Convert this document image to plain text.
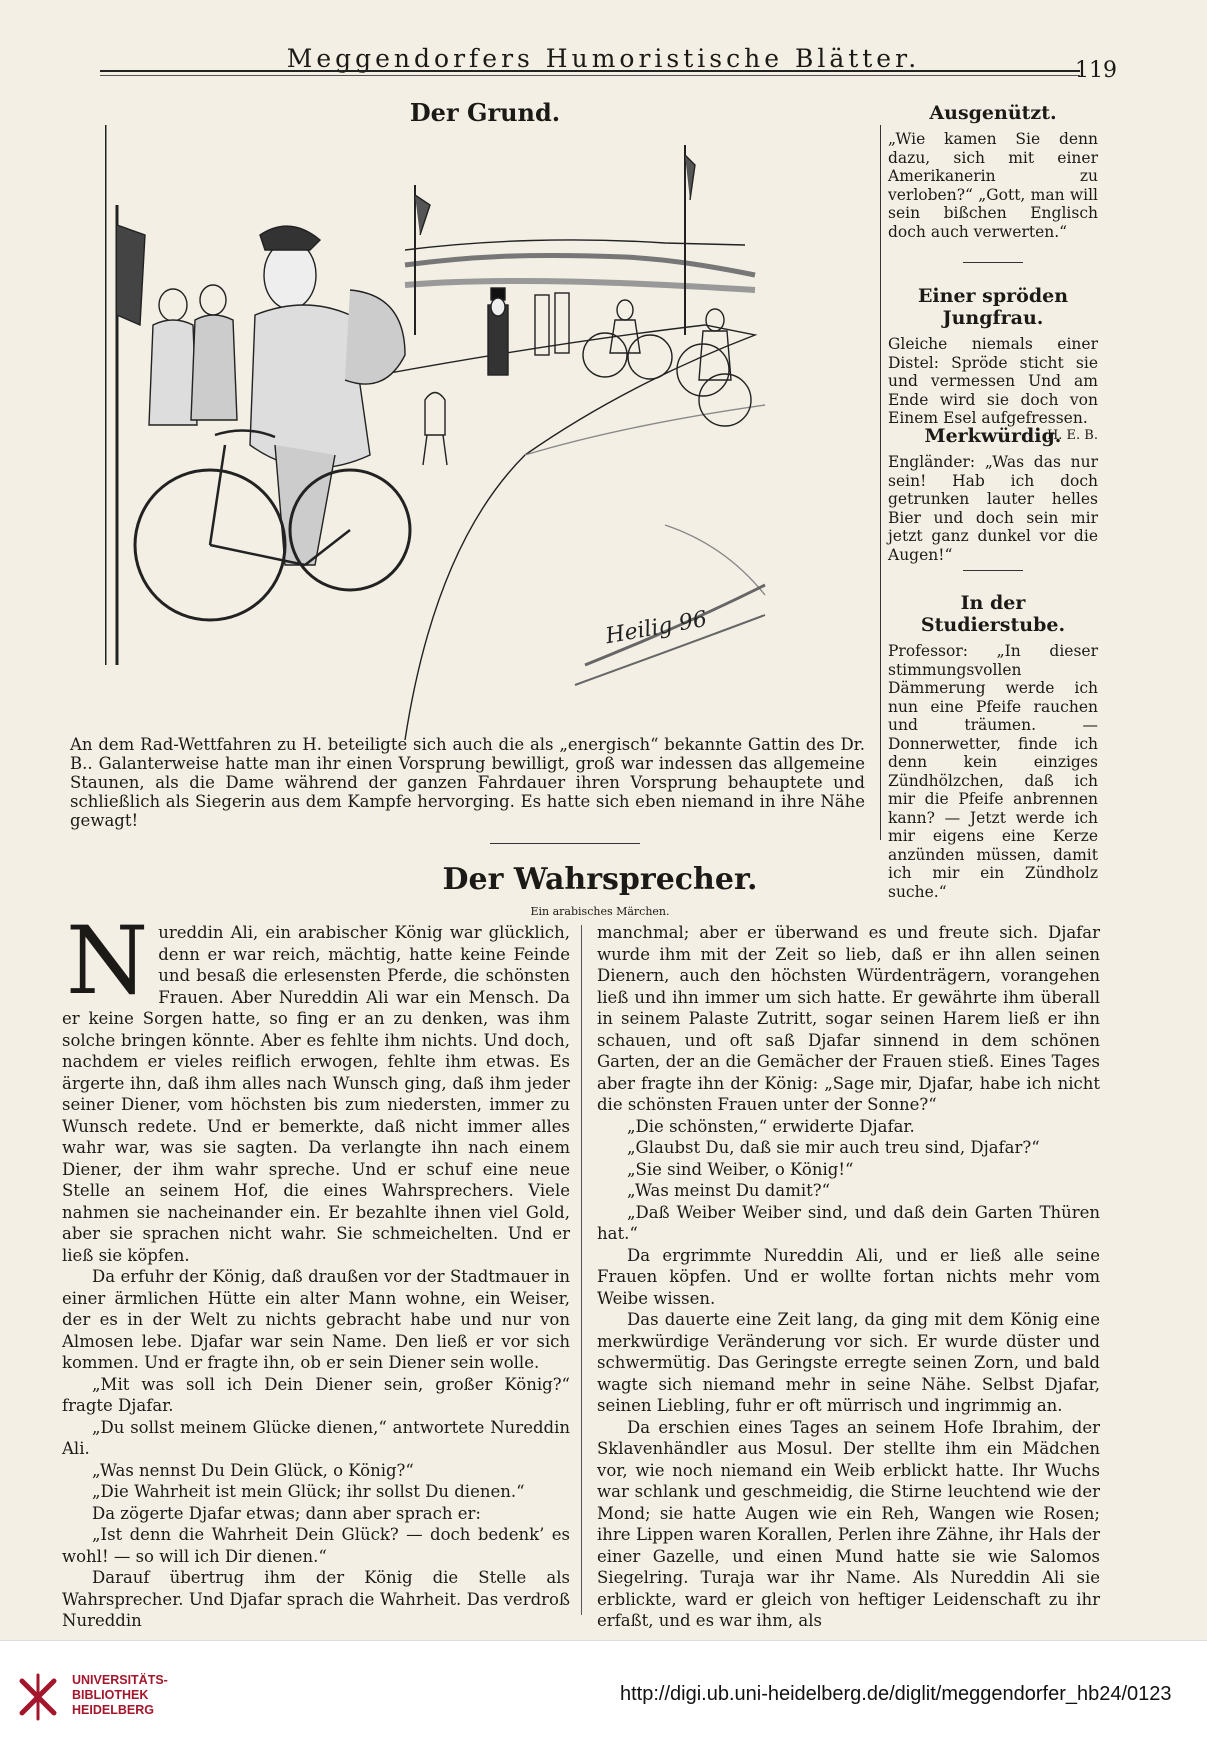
Meggendorfers Humoristische Blätter.	119
Der Grund.
Heilig 96
An dem Rad-Wettfahren zu H. beteiligte sich auch die als „energisch“ bekannte Gattin des Dr. B.. Galanterweise hatte man ihr einen Vorsprung bewilligt, groß war indessen das allgemeine Staunen, als die Dame während der ganzen Fahrdauer ihren Vorsprung behauptete und schließlich als Siegerin aus dem Kampfe hervorging. Es hatte sich eben niemand in ihre Nähe gewagt!
Ausgenützt.

„Wie kamen Sie denn dazu, sich mit einer Amerikanerin zu verloben?“ „Gott, man will sein bißchen Englisch doch auch verwerten.“

Einer spröden Jungfrau.

Gleiche niemals einer Distel: Spröde sticht sie und vermessen Und am Ende wird sie doch von Einem Esel aufgefressen.

H. E. B.
Merkwürdig.

Engländer: „Was das nur sein! Hab ich doch getrunken lauter helles Bier und doch sein mir jetzt ganz dunkel vor die Augen!“

In der Studierstube.

Professor: „In dieser stimmungsvollen Dämmerung werde ich nun eine Pfeife rauchen und träumen. — Donnerwetter, finde ich denn kein einziges Zündhölzchen, daß ich mir die Pfeife anbrennen kann? — Jetzt werde ich mir eigens eine Kerze anzünden müssen, damit ich mir ein Zündholz suche.“

Der Wahrsprecher.
Ein arabisches Märchen.
N ureddin Ali, ein arabischer König war glücklich, denn er war reich, mächtig, hatte keine Feinde und besaß die erlesensten Pferde, die schönsten Frauen. Aber Nureddin Ali war ein Mensch. Da er keine Sorgen hatte, so fing er an zu denken, was ihm solche bringen könnte. Aber es fehlte ihm nichts. Und doch, nachdem er vieles reiflich erwogen, fehlte ihm etwas. Es ärgerte ihn, daß ihm alles nach Wunsch ging, daß ihm jeder seiner Diener, vom höchsten bis zum niedersten, immer zu Wunsch redete. Und er bemerkte, daß nicht immer alles wahr war, was sie sagten. Da verlangte ihn nach einem Diener, der ihm wahr spreche. Und er schuf eine neue Stelle an seinem Hof, die eines Wahrsprechers. Viele nahmen sie nacheinander ein. Er bezahlte ihnen viel Gold, aber sie sprachen nicht wahr. Sie schmeichelten. Und er ließ sie köpfen.

Da erfuhr der König, daß draußen vor der Stadtmauer in einer ärmlichen Hütte ein alter Mann wohne, ein Weiser, der es in der Welt zu nichts gebracht habe und nur von Almosen lebe. Djafar war sein Name. Den ließ er vor sich kommen. Und er fragte ihn, ob er sein Diener sein wolle.

„Mit was soll ich Dein Diener sein, großer König?“ fragte Djafar.

„Du sollst meinem Glücke dienen,“ antwortete Nureddin Ali.

„Was nennst Du Dein Glück, o König?“

„Die Wahrheit ist mein Glück; ihr sollst Du dienen.“

Da zögerte Djafar etwas; dann aber sprach er:

„Ist denn die Wahrheit Dein Glück? — doch bedenk’ es wohl! — so will ich Dir dienen.“

Darauf übertrug ihm der König die Stelle als Wahrsprecher. Und Djafar sprach die Wahrheit. Das verdroß Nureddin

manchmal; aber er überwand es und freute sich. Djafar wurde ihm mit der Zeit so lieb, daß er ihn allen seinen Dienern, auch den höchsten Würdenträgern, vorangehen ließ und ihn immer um sich hatte. Er gewährte ihm überall in seinem Palaste Zutritt, sogar seinen Harem ließ er ihn schauen, und oft saß Djafar sinnend in dem schönen Garten, der an die Gemächer der Frauen stieß. Eines Tages aber fragte ihn der König: „Sage mir, Djafar, habe ich nicht die schönsten Frauen unter der Sonne?“

„Die schönsten,“ erwiderte Djafar.

„Glaubst Du, daß sie mir auch treu sind, Djafar?“

„Sie sind Weiber, o König!“

„Was meinst Du damit?“

„Daß Weiber Weiber sind, und daß dein Garten Thüren hat.“

Da ergrimmte Nureddin Ali, und er ließ alle seine Frauen köpfen. Und er wollte fortan nichts mehr vom Weibe wissen.

Das dauerte eine Zeit lang, da ging mit dem König eine merkwürdige Veränderung vor sich. Er wurde düster und schwermütig. Das Geringste erregte seinen Zorn, und bald wagte sich niemand mehr in seine Nähe. Selbst Djafar, seinen Liebling, fuhr er oft mürrisch und ingrimmig an.

Da erschien eines Tages an seinem Hofe Ibrahim, der Sklavenhändler aus Mosul. Der stellte ihm ein Mädchen vor, wie noch niemand ein Weib erblickt hatte. Ihr Wuchs war schlank und geschmeidig, die Stirne leuchtend wie der Mond; sie hatte Augen wie ein Reh, Wangen wie Rosen; ihre Lippen waren Korallen, Perlen ihre Zähne, ihr Hals der einer Gazelle, und einen Mund hatte sie wie Salomos Siegelring. Turaja war ihr Name. Als Nureddin Ali sie erblickte, ward er gleich von heftiger Leidenschaft zu ihr erfaßt, und es war ihm, als

UNIVERSITÄTS-
BIBLIOTHEK
HEIDELBERG
http://digi.ub.uni-heidelberg.de/diglit/meggendorfer_hb24/0123
